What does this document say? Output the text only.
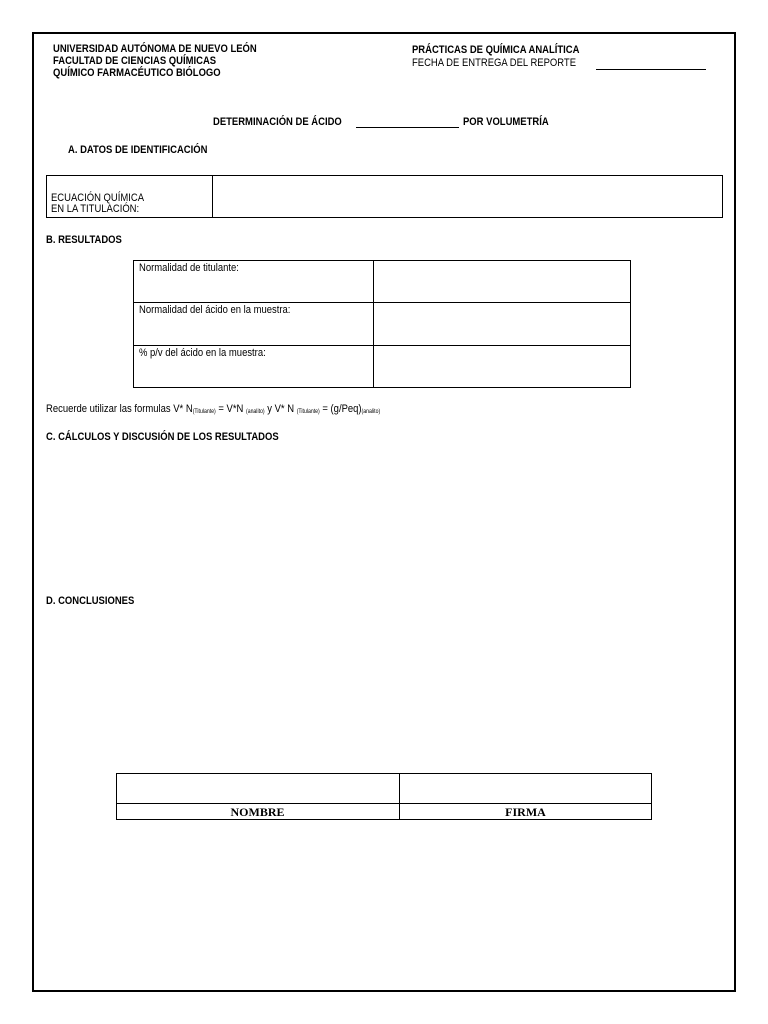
UNIVERSIDAD AUTÓNOMA DE NUEVO LEÓN
FACULTAD DE CIENCIAS QUÍMICAS
QUÍMICO FARMACÉUTICO BIÓLOGO
PRÁCTICAS DE QUÍMICA ANALÍTICA
FECHA DE ENTREGA DEL REPORTE
DETERMINACIÓN DE ÁCIDO	POR VOLUMETRÍA
A. DATOS DE IDENTIFICACIÓN
ECUACIÓN QUÍMICA
EN LA TITULACIÓN:
B. RESULTADOS
Normalidad de titulante:
Normalidad del ácido en la muestra:
% p/v del ácido en la muestra:
Recuerde utilizar las formulas V* N(Titulante) = V*N (analito) y V* N (Titulante) = (g/Peq)(analito)
C. CÁLCULOS Y DISCUSIÓN DE LOS RESULTADOS
D. CONCLUSIONES
NOMBRE	FIRMA
